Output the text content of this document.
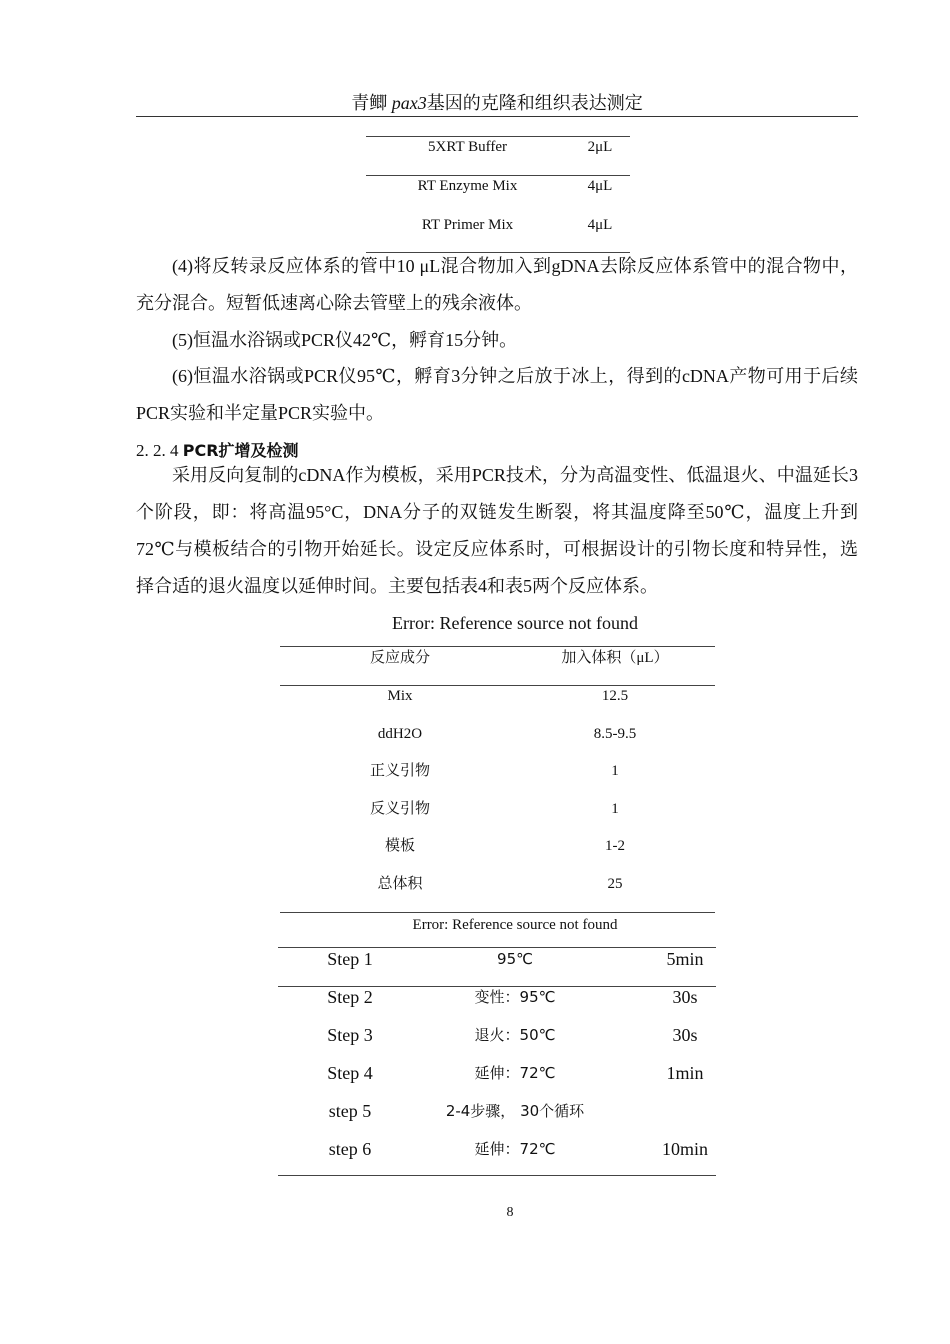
青鲫 pax3基因的克隆和组织表达测定
5XRT Buffer	2μL
RT Enzyme Mix	4μL
RT Primer Mix	4μL
(4)将反转录反应体系的管中10 μL混合物加入到gDNA去除反应体系管中的混合物中，充分混合。短暂低速离心除去管壁上的残余液体。
(5)恒温水浴锅或PCR仪42℃，孵育15分钟。
(6)恒温水浴锅或PCR仪95℃，孵育3分钟之后放于冰上，得到的cDNA产物可用于后续PCR实验和半定量PCR实验中。
2. 2. 4 PCR扩增及检测
采用反向复制的cDNA作为模板，采用PCR技术，分为高温变性、低温退火、中温延长3个阶段，即：将高温95°C，DNA分子的双链发生断裂，将其温度降至50℃，温度上升到72℃与模板结合的引物开始延长。设定反应体系时，可根据设计的引物长度和特异性，选择合适的退火温度以延伸时间。主要包括表4和表5两个反应体系。
Error: Reference source not found
反应成分	加入体积（μL）
Mix	12.5
ddH2O	8.5-9.5
正义引物	1
反义引物	1
模板	1-2
总体积	25
Error: Reference source not found
Step 1	95℃	5min
Step 2	变性：95℃	30s
Step 3	退火：50℃	30s
Step 4	延伸：72℃	1min
step 5	2-4步骤， 30个循环
step 6	延伸：72℃	10min
8
